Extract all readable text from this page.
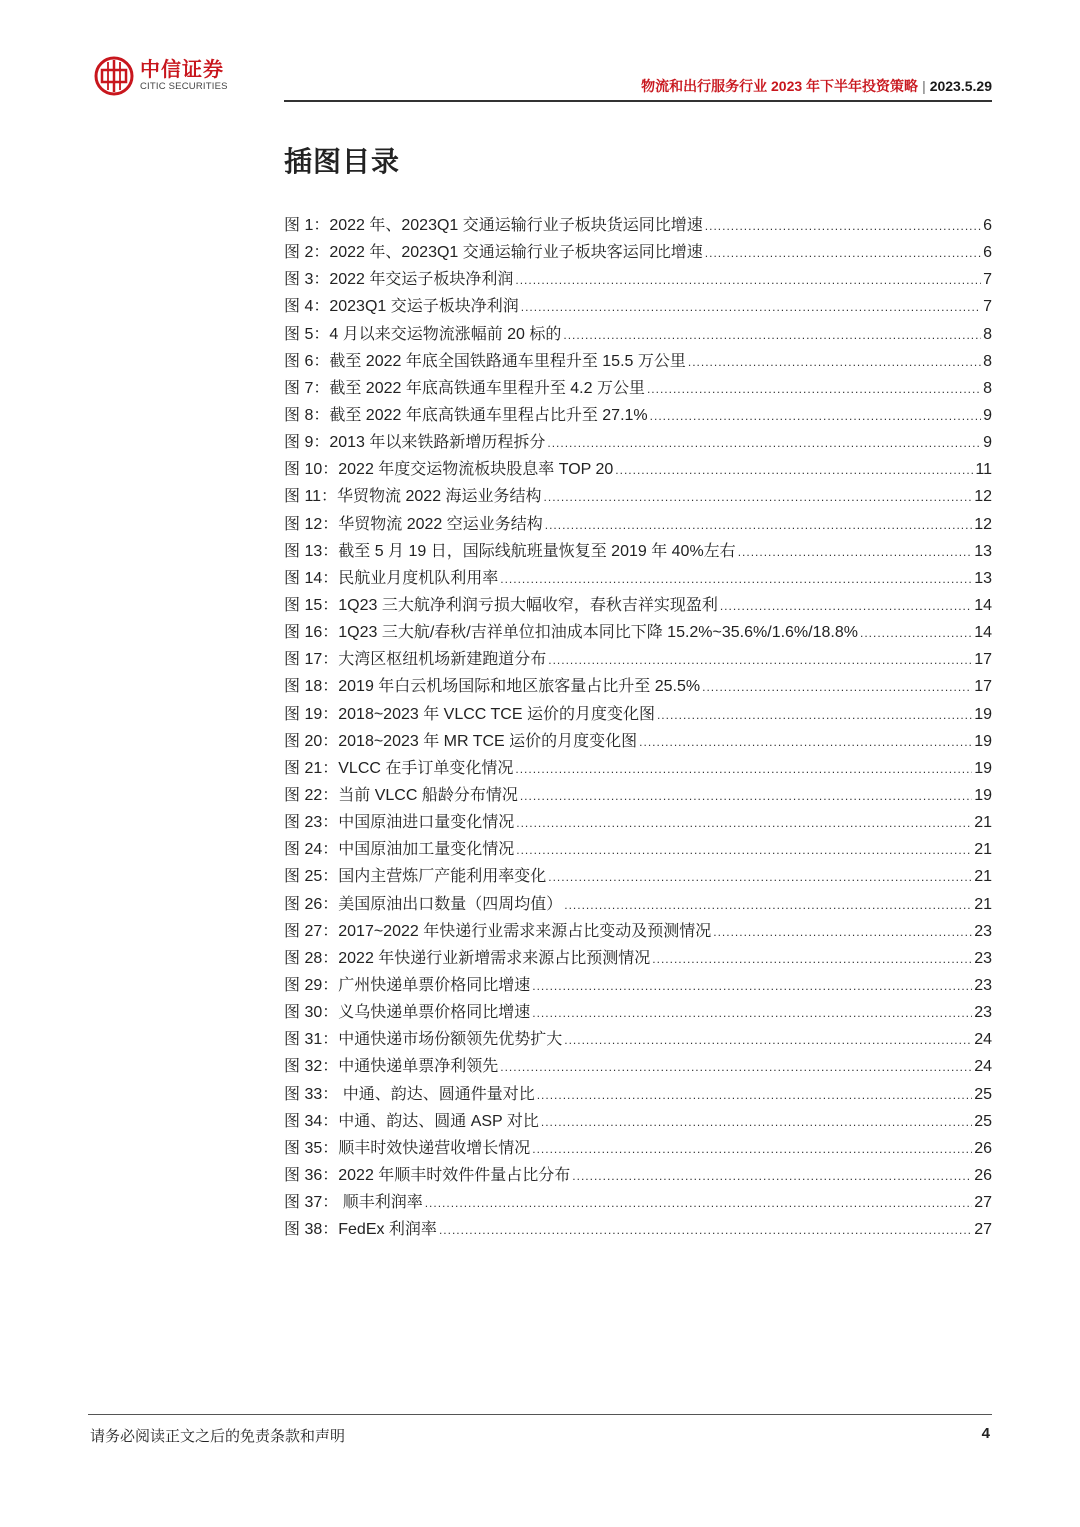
中信证券
CITIC SECURITIES	物流和出行服务行业 2023 年下半年投资策略 | 2023.5.29
插图目录
图 1：2022 年、2023Q1 交通运输行业子板块货运同比增速 .....	6
图 2：2022 年、2023Q1 交通运输行业子板块客运同比增速 .....	6
图 3：2022 年交运子板块净利润 .....	7
图 4：2023Q1 交运子板块净利润 .....	7
图 5：4 月以来交运物流涨幅前 20 标的 .....	8
图 6：截至 2022 年底全国铁路通车里程升至 15.5 万公里 .....	8
图 7：截至 2022 年底高铁通车里程升至 4.2 万公里 .....	8
图 8：截至 2022 年底高铁通车里程占比升至 27.1% .....	9
图 9：2013 年以来铁路新增历程拆分 .....	9
图 10：2022 年度交运物流板块股息率 TOP 20 .....	11
图 11：华贸物流 2022 海运业务结构 .....	12
图 12：华贸物流 2022 空运业务结构 .....	12
图 13：截至 5 月 19 日，国际线航班量恢复至 2019 年 40%左右 .....	13
图 14：民航业月度机队利用率 .....	13
图 15：1Q23 三大航净利润亏损大幅收窄，春秋吉祥实现盈利 .....	14
图 16：1Q23 三大航/春秋/吉祥单位扣油成本同比下降 15.2%~35.6%/1.6%/18.8% .....	14
图 17：大湾区枢纽机场新建跑道分布 .....	17
图 18：2019 年白云机场国际和地区旅客量占比升至 25.5% .....	17
图 19：2018~2023 年 VLCC TCE 运价的月度变化图 .....	19
图 20：2018~2023 年 MR TCE 运价的月度变化图 .....	19
图 21：VLCC 在手订单变化情况 .....	19
图 22：当前 VLCC 船龄分布情况 .....	19
图 23：中国原油进口量变化情况 .....	21
图 24：中国原油加工量变化情况 .....	21
图 25：国内主营炼厂产能利用率变化 .....	21
图 26：美国原油出口数量（四周均值） .....	21
图 27：2017~2022 年快递行业需求来源占比变动及预测情况 .....	23
图 28：2022 年快递行业新增需求来源占比预测情况 .....	23
图 29：广州快递单票价格同比增速 .....	23
图 30：义乌快递单票价格同比增速 .....	23
图 31：中通快递市场份额领先优势扩大 .....	24
图 32：中通快递单票净利领先 .....	24
图 33： 中通、韵达、圆通件量对比 .....	25
图 34：中通、韵达、圆通 ASP 对比 .....	25
图 35：顺丰时效快递营收增长情况 .....	26
图 36：2022 年顺丰时效件件量占比分布 .....	26
图 37： 顺丰利润率 .....	27
图 38：FedEx 利润率 .....	27
请务必阅读正文之后的免责条款和声明	4
